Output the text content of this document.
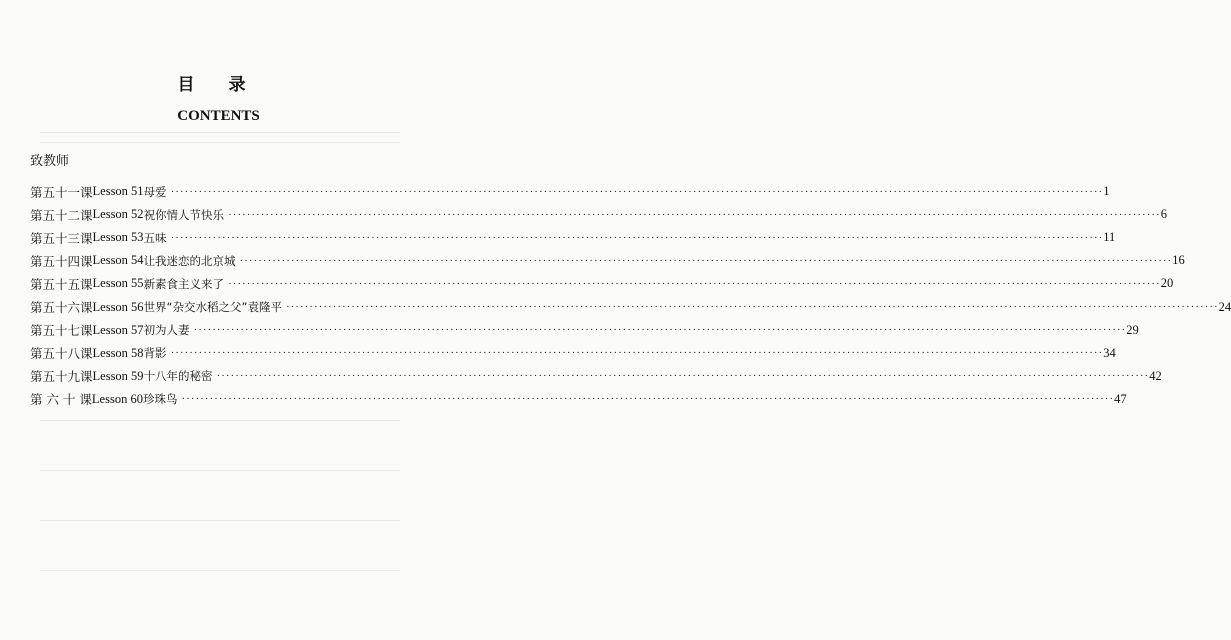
目 录
CONTENTS
致教师
第五十一课 Lesson 51 母爱 ········································································································································································································ 1
第五十二课 Lesson 52 祝你情人节快乐 ········································································································································································································ 6
第五十三课 Lesson 53 五味 ········································································································································································································ 11
第五十四课 Lesson 54 让我迷恋的北京城 ········································································································································································································ 16
第五十五课 Lesson 55 新素食主义来了 ········································································································································································································ 20
第五十六课 Lesson 56 世界“杂交水稻之父”袁隆平 ········································································································································································································ 24
第五十七课 Lesson 57 初为人妻 ········································································································································································································ 29
第五十八课 Lesson 58 背影 ········································································································································································································ 34
第五十九课 Lesson 59 十八年的秘密 ········································································································································································································ 42
第 六 十 课 Lesson 60 珍珠鸟 ········································································································································································································ 47
